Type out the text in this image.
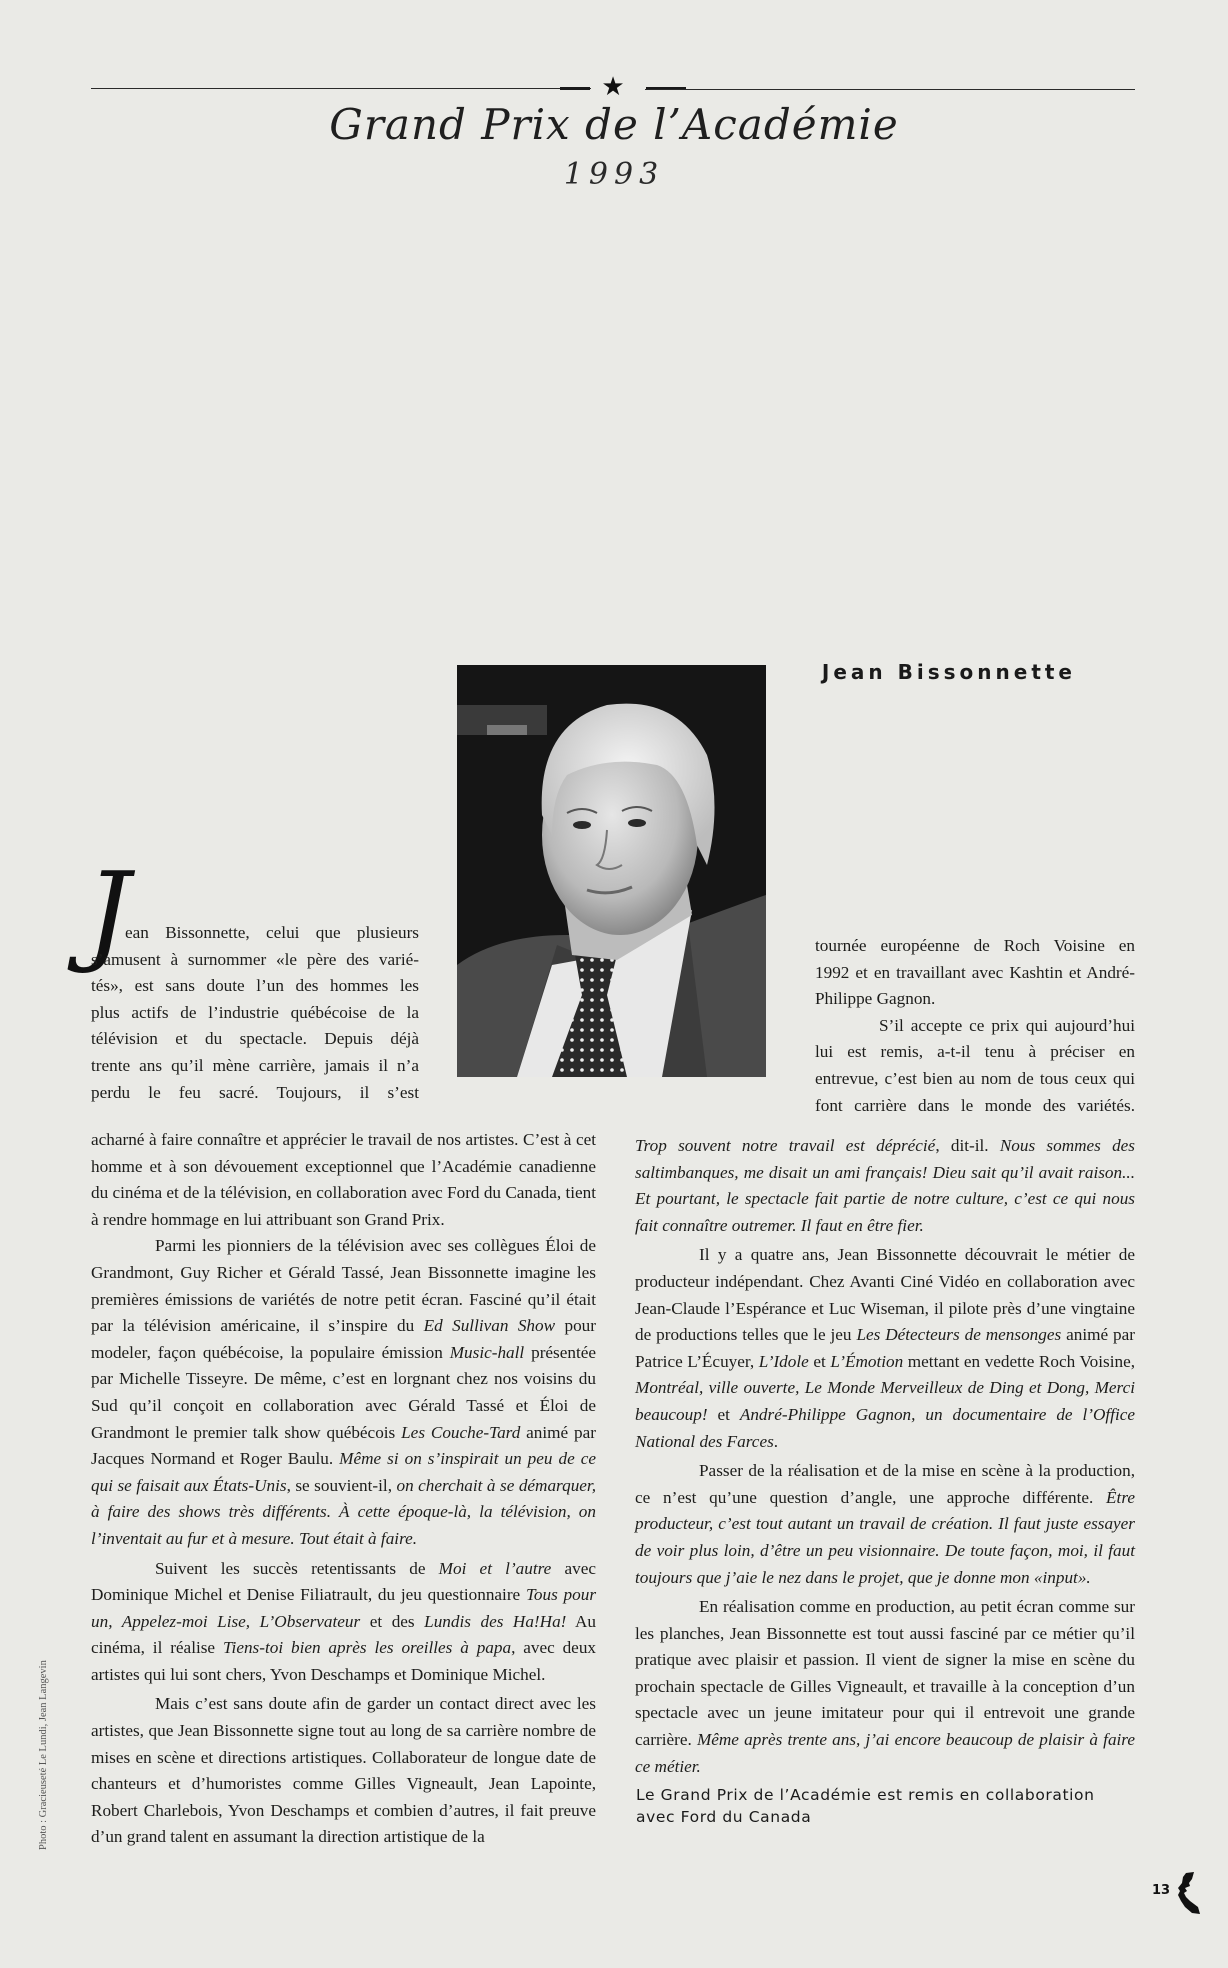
★
Grand Prix de l’Académie
1993
Jean Bissonnette
J
ean Bissonnette, celui que plusieurs
s’amusent à surnommer «le père des varié-
tés», est sans doute l’un des hommes les
plus actifs de l’industrie québécoise de la
télévision et du spectacle. Depuis déjà
trente ans qu’il mène carrière, jamais il n’a
perdu le feu sacré. Toujours, il s’est

acharné à faire connaître et apprécier le travail de nos artistes. C’est à cet homme et à son dévouement exceptionnel que l’Académie canadienne du cinéma et de la télévision, en collaboration avec Ford du Canada, tient à rendre hommage en lui attribuant son Grand Prix.

Parmi les pionniers de la télévision avec ses collègues Éloi de Grandmont, Guy Richer et Gérald Tassé, Jean Bissonnette imagine les premières émissions de variétés de notre petit écran. Fasciné qu’il était par la télévision américaine, il s’inspire du Ed Sullivan Show pour modeler, façon québécoise, la populaire émission Music-hall présentée par Michelle Tisseyre. De même, c’est en lorgnant chez nos voisins du Sud qu’il conçoit en collaboration avec Gérald Tassé et Éloi de Grandmont le premier talk show québécois Les Couche-Tard animé par Jacques Normand et Roger Baulu. Même si on s’inspirait un peu de ce qui se faisait aux États-Unis, se souvient-il, on cherchait à se démarquer, à faire des shows très différents. À cette époque-là, la télévision, on l’inventait au fur et à mesure. Tout était à faire.

Suivent les succès retentissants de Moi et l’autre avec Dominique Michel et Denise Filiatrault, du jeu questionnaire Tous pour un, Appelez-moi Lise, L’Observateur et des Lundis des Ha!Ha! Au cinéma, il réalise Tiens-toi bien après les oreilles à papa, avec deux artistes qui lui sont chers, Yvon Deschamps et Dominique Michel.

Mais c’est sans doute afin de garder un contact direct avec les artistes, que Jean Bissonnette signe tout au long de sa carrière nombre de mises en scène et directions artistiques. Collaborateur de longue date de chanteurs et d’humoristes comme Gilles Vigneault, Jean Lapointe, Robert Charlebois, Yvon Deschamps et combien d’autres, il fait preuve d’un grand talent en assumant la direction artistique de la

tournée européenne de Roch Voisine en
1992 et en travaillant avec Kashtin et André-
Philippe Gagnon.
S’il accepte ce prix qui aujourd’hui
lui est remis, a-t-il tenu à préciser en
entrevue, c’est bien au nom de tous ceux qui
font carrière dans le monde des variétés.

Trop souvent notre travail est déprécié, dit-il. Nous sommes des saltimbanques, me disait un ami français! Dieu sait qu’il avait raison... Et pourtant, le spectacle fait partie de notre culture, c’est ce qui nous fait connaître outremer. Il faut en être fier.

Il y a quatre ans, Jean Bissonnette découvrait le métier de producteur indépendant. Chez Avanti Ciné Vidéo en collaboration avec Jean-Claude l’Espérance et Luc Wiseman, il pilote près d’une vingtaine de productions telles que le jeu Les Détecteurs de mensonges animé par Patrice L’Écuyer, L’Idole et L’Émotion mettant en vedette Roch Voisine, Montréal, ville ouverte, Le Monde Merveilleux de Ding et Dong, Merci beaucoup! et André-Philippe Gagnon, un documentaire de l’Office National des Farces.

Passer de la réalisation et de la mise en scène à la production, ce n’est qu’une question d’angle, une approche différente. Être producteur, c’est tout autant un travail de création. Il faut juste essayer de voir plus loin, d’être un peu visionnaire. De toute façon, moi, il faut toujours que j’aie le nez dans le projet, que je donne mon «input».

En réalisation comme en production, au petit écran comme sur les planches, Jean Bissonnette est tout aussi fasciné par ce métier qu’il pratique avec plaisir et passion. Il vient de signer la mise en scène du prochain spectacle de Gilles Vigneault, et travaille à la conception d’un spectacle avec un jeune imitateur pour qui il entrevoit une grande carrière. Même après trente ans, j’ai encore beaucoup de plaisir à faire ce métier.

Le Grand Prix de l’Académie est remis en collaboration avec Ford du Canada
Photo : Gracieuseté Le Lundi, Jean Langevin
13
